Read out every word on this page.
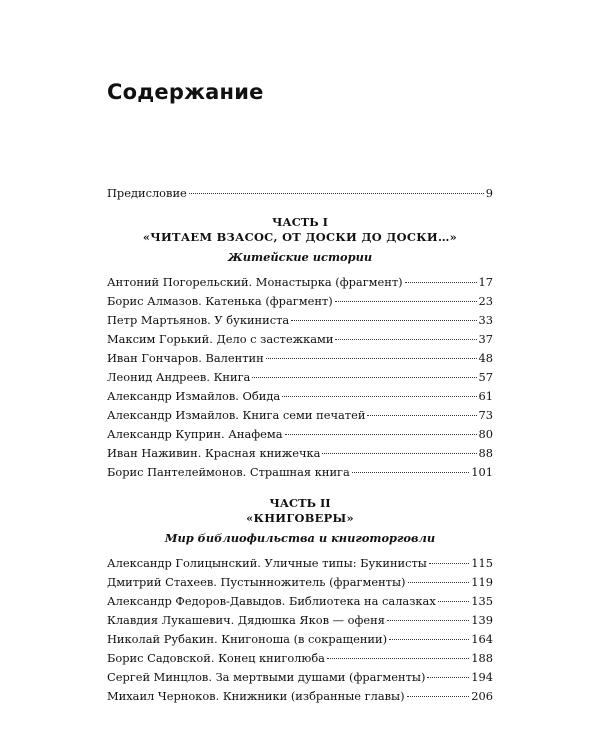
Содержание
Предисловие	9
ЧАСТЬ I
«ЧИТАЕМ ВЗАСОС, ОТ ДОСКИ ДО ДОСКИ…»
Житейские истории
Антоний Погорельский. Монастырка (фрагмент)	17
Борис Алмазов. Катенька (фрагмент)	23
Петр Мартьянов. У букиниста	33
Максим Горький. Дело с застежками	37
Иван Гончаров. Валентин	48
Леонид Андреев. Книга	57
Александр Измайлов. Обида	61
Александр Измайлов. Книга семи печатей	73
Александр Куприн. Анафема	80
Иван Наживин. Красная книжечка	88
Борис Пантелеймонов. Страшная книга	101
ЧАСТЬ II
«КНИГОВЕРЫ»
Мир библиофильства и книготорговли
Александр Голицынский. Уличные типы: Букинисты	115
Дмитрий Стахеев. Пустынножитель (фрагменты)	119
Александр Федоров-Давыдов. Библиотека на салазках	135
Клавдия Лукашевич. Дядюшка Яков — офеня	139
Николай Рубакин. Книгоноша (в сокращении)	164
Борис Садовской. Конец книголюба	188
Сергей Минцлов. За мертвыми душами (фрагменты)	194
Михаил Черноков. Книжники (избранные главы)	206
